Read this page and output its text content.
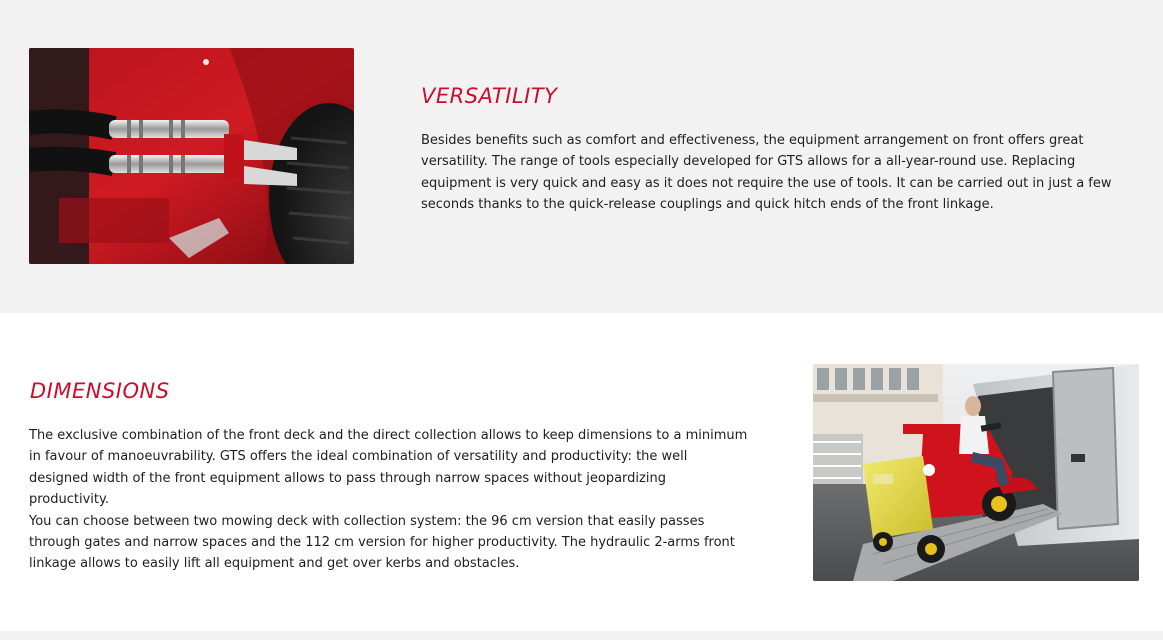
VERSATILITY

Besides benefits such as comfort and effectiveness, the equipment arrangement on front offers great versatility. The range of tools especially developed for GTS allows for a all-year-round use. Replacing equipment is very quick and easy as it does not require the use of tools. It can be carried out in just a few seconds thanks to the quick-release couplings and quick hitch ends of the front linkage.

DIMENSIONS

The exclusive combination of the front deck and the direct collection allows to keep dimensions to a minimum in favour of manoeuvrability. GTS offers the ideal combination of versatility and productivity: the well designed width of the front equipment allows to pass through narrow spaces without jeopardizing productivity.

You can choose between two mowing deck with collection system: the 96 cm version that easily passes through gates and narrow spaces and the 112 cm version for higher productivity. The hydraulic 2-arms front linkage allows to easily lift all equipment and get over kerbs and obstacles.
